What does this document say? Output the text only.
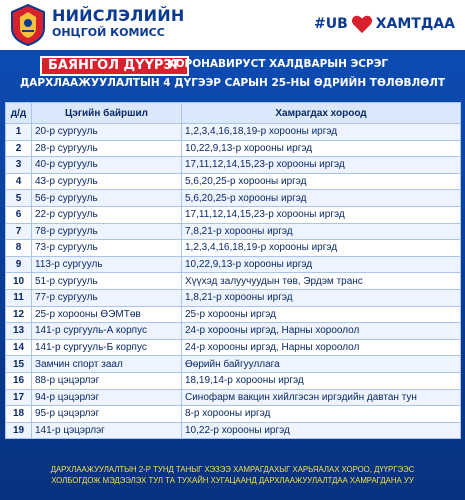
НИЙСЛЭЛИЙН
ОНЦГОЙ КОМИСС
#UB ХАМТДАА
БАЯНГОЛ ДҮҮРЭГ
КОРОНАВИРУСТ ХАЛДВАРЫН ЭСРЭГ
ДАРХЛААЖУУЛАЛТЫН 4 ДҮГЭЭР САРЫН 25-НЫ ӨДРИЙН ТӨЛӨВЛӨЛТ
д/д	Цэгийн байршил	Хамрагдах хороод
1	20-р сургууль	1,2,3,4,16,18,19-р хорооны иргэд
2	28-р сургууль	10,22,9,13-р хорооны иргэд
3	40-р сургууль	17,11,12,14,15,23-р хорооны иргэд
4	43-р сургууль	5,6,20,25-р хорооны иргэд
5	56-р сургууль	5,6,20,25-р хорооны иргэд
6	22-р сургууль	17,11,12,14,15,23-р хорооны иргэд
7	78-р сургууль	7,8,21-р хорооны иргэд
8	73-р сургууль	1,2,3,4,16,18,19-р хорооны иргэд
9	113-р сургууль	10,22,9,13-р хорооны иргэд
10	51-р сургууль	Хүүхэд залуучуудын төв, Эрдэм транс
11	77-р сургууль	1,8,21-р хорооны иргэд
12	25-р хорооны ӨЭМТөв	25-р хорооны иргэд
13	141-р сургууль-А корпус	24-р хорооны иргэд, Нарны хороолол
14	141-р сургууль-Б корпус	24-р хорооны иргэд, Нарны хороолол
15	Замчин спорт заал	Өөрийн байгууллага
16	88-р цэцэрлэг	18,19,14-р хорооны иргэд
17	94-р цэцэрлэг	Синофарм вакцин хийлгэсэн иргэдийн давтан тун
18	95-р цэцэрлэг	8-р хорооны иргэд
19	141-р цэцэрлэг	10,22-р хорооны иргэд
ДАРХЛААЖУУЛАЛТЫН 2-Р ТУНД ТАНЫГ ХЭЗЭЭ ХАМРАГДАХЫГ ХАРЬЯАЛАХ ХОРОО, ДҮҮРГЭЭС
ХОЛБОГДОЖ МЭДЭЭЛЭХ ТУЛ ТА ТУХАЙН ХУГАЦААНД ДАРХЛААЖУУЛАЛТДАА ХАМРАГДАНА УУ
